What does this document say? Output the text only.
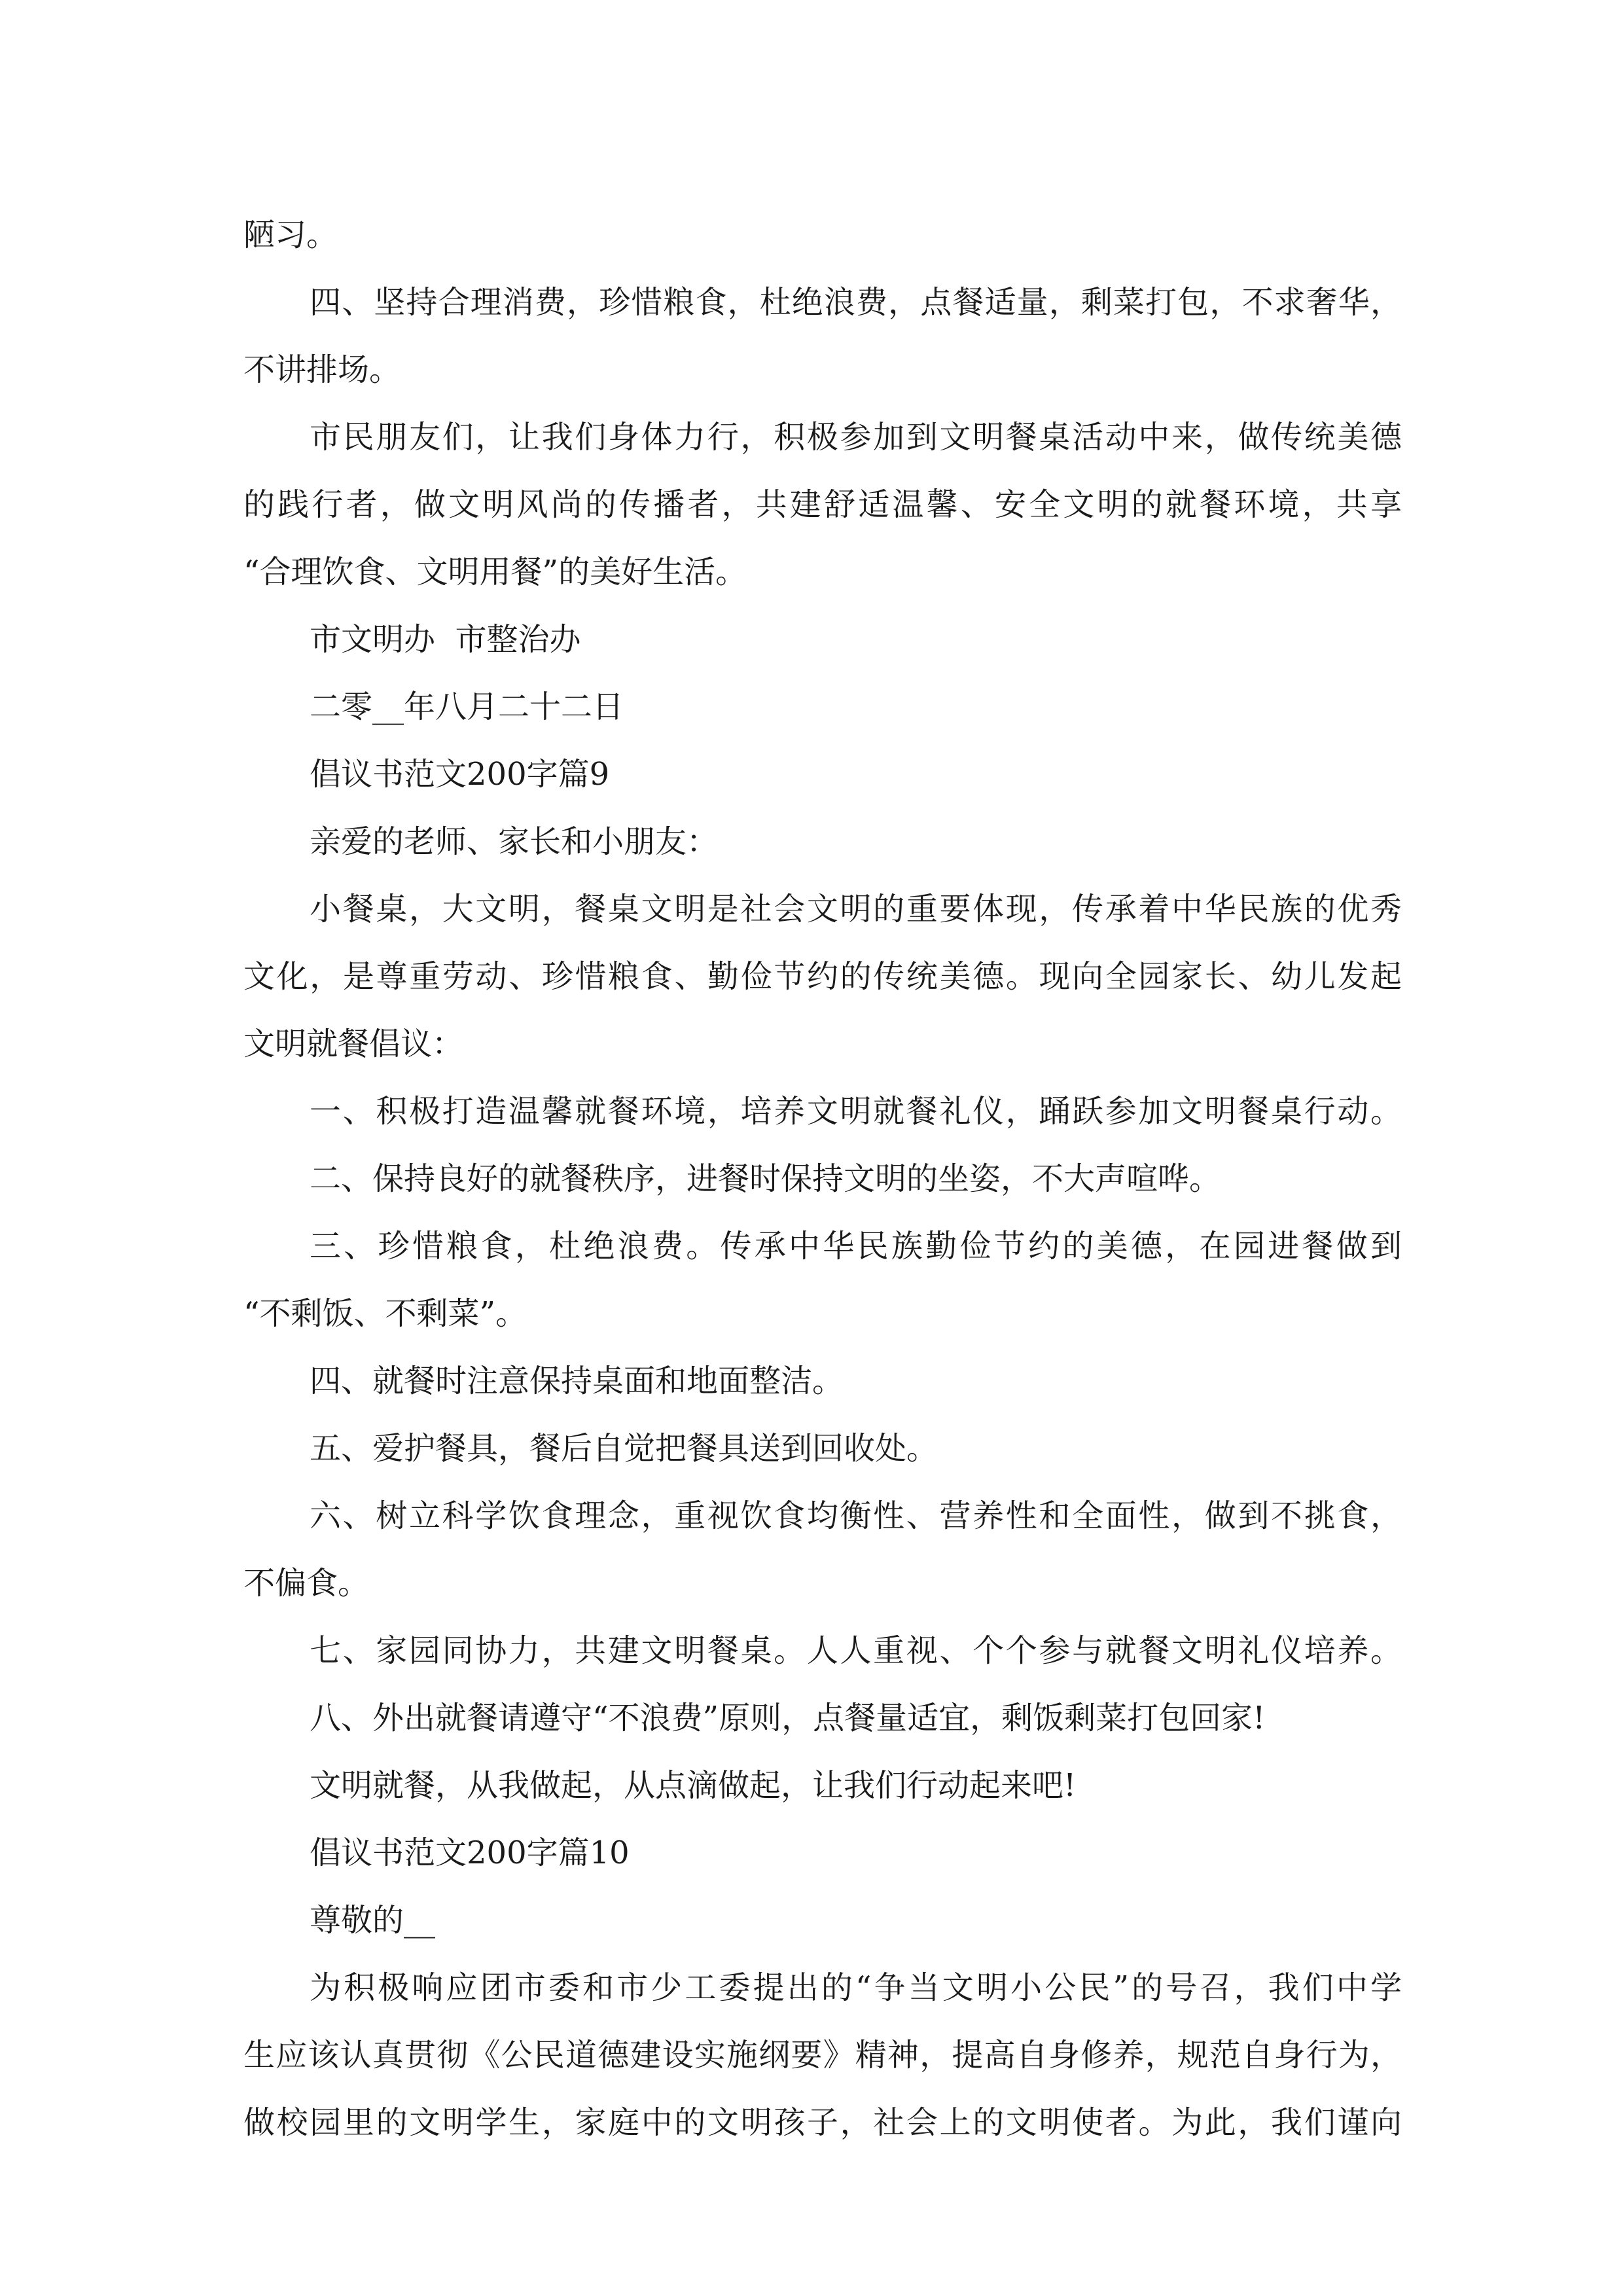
陋习。
四、坚持合理消费，珍惜粮食，杜绝浪费，点餐适量，剩菜打包，不求奢华，
不讲排场。
市民朋友们，让我们身体力行，积极参加到文明餐桌活动中来，做传统美德
的践行者，做文明风尚的传播者，共建舒适温馨、安全文明的就餐环境，共享
“合理饮食、文明用餐”的美好生活。
市文明办  市整治办
二零__年八月二十二日
倡议书范文200字篇9
亲爱的老师、家长和小朋友：
小餐桌，大文明，餐桌文明是社会文明的重要体现，传承着中华民族的优秀
文化，是尊重劳动、珍惜粮食、勤俭节约的传统美德。现向全园家长、幼儿发起
文明就餐倡议：
一、积极打造温馨就餐环境，培养文明就餐礼仪，踊跃参加文明餐桌行动。
二、保持良好的就餐秩序，进餐时保持文明的坐姿，不大声喧哗。
三、珍惜粮食，杜绝浪费。传承中华民族勤俭节约的美德，在园进餐做到
“不剩饭、不剩菜”。
四、就餐时注意保持桌面和地面整洁。
五、爱护餐具，餐后自觉把餐具送到回收处。
六、树立科学饮食理念，重视饮食均衡性、营养性和全面性，做到不挑食，
不偏食。
七、家园同协力，共建文明餐桌。人人重视、个个参与就餐文明礼仪培养。
八、外出就餐请遵守“不浪费”原则，点餐量适宜，剩饭剩菜打包回家!
文明就餐，从我做起，从点滴做起，让我们行动起来吧!
倡议书范文200字篇10
尊敬的__
为积极响应团市委和市少工委提出的“争当文明小公民”的号召，我们中学
生应该认真贯彻《公民道德建设实施纲要》精神，提高自身修养，规范自身行为，
做校园里的文明学生，家庭中的文明孩子，社会上的文明使者。为此，我们谨向
